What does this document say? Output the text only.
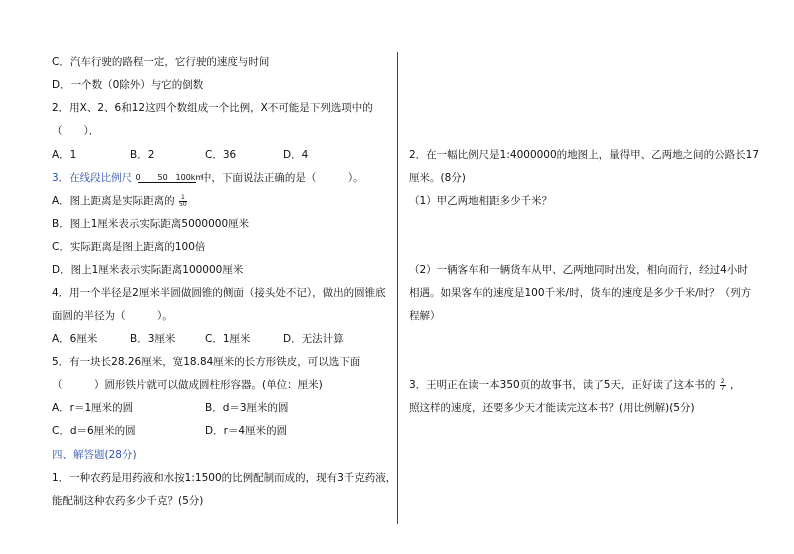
C．汽车行驶的路程一定，它行驶的速度与时间
D．一个数（0除外）与它的倒数
2．用X、2、6和12这四个数组成一个比例，X不可能是下列选项中的
（　　）．
A．1	B．2	C．36	D．4
3．在线段比例尺 0 50 100km
中，下面说法正确的是（　　　）。
A．图上距离是实际距离的 $\frac{1}{50}$
B．图上1厘米表示实际距离5000000厘米
C．实际距离是图上距离的100倍
D．图上1厘米表示实际距离100000厘米
4．用一个半径是2厘米半圆做圆锥的侧面（接头处不记），做出的圆锥底
面圆的半径为（　　　）。
A．6厘米	B．3厘米	C．1厘米	D．无法计算
5．有一块长28.26厘米，宽18.84厘米的长方形铁皮，可以选下面
（　　　）圆形铁片就可以做成圆柱形容器。(单位：厘米)
A．r＝1厘米的圆	B．d＝3厘米的圆
C．d＝6厘米的圆	D．r＝4厘米的圆
四、解答题(28分)
1．一种农药是用药液和水按1:1500的比例配制而成的，现有3千克药液，
能配制这种农药多少千克？(5分)
2．在一幅比例尺是1:4000000的地图上，量得甲、乙两地之间的公路长17
厘米。(8分)
（1）甲乙两地相距多少千米？
（2）一辆客车和一辆货车从甲、乙两地同时出发，相向而行，经过4小时
相遇。如果客车的速度是100千米/时，货车的速度是多少千米/时？（列方
程解）
3．王明正在读一本350页的故事书，读了5天，正好读了这本书的 $\frac{2}{7}$ ，
照这样的速度，还要多少天才能读完这本书？(用比例解)(5分)
